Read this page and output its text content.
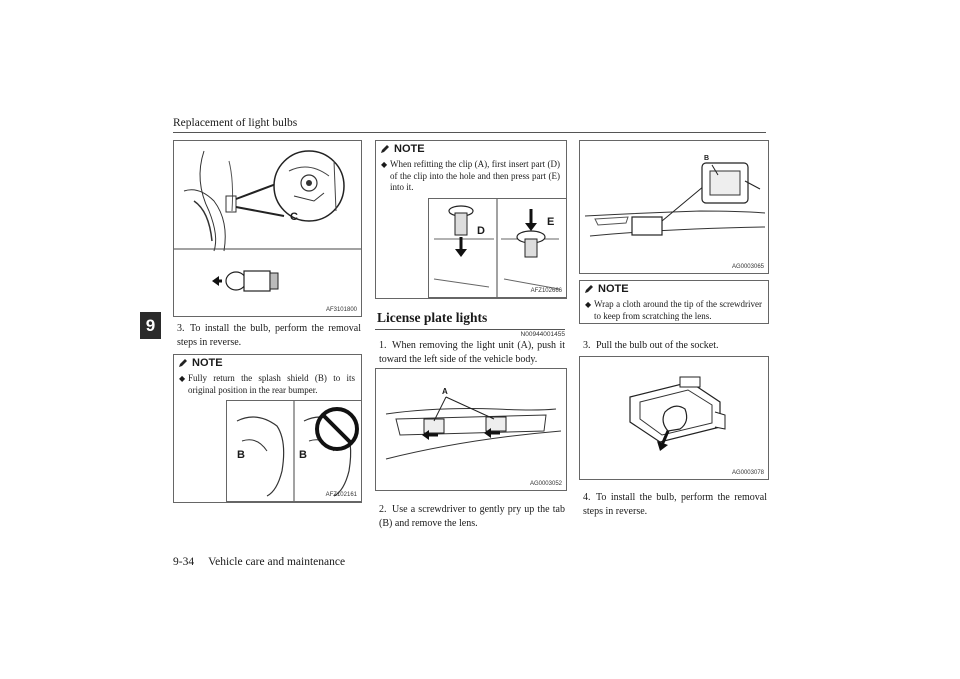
Replacement of light bulbs
9
C
AF3101800
3. To install the bulb, perform the removal steps in reverse.
NOTE
◆ Fully return the splash shield (B) to its original position in the rear bumper.
B	B
AFZ102161
NOTE
◆ When refitting the clip (A), first insert part (D) of the clip into the hole and then press part (E) into it.
D
E
AFZ102666
License plate lights
N00944001455
1. When removing the light unit (A), push it toward the left side of the vehicle body.
A
AG0003052
2. Use a screwdriver to gently pry up the tab (B) and remove the lens.
B
AG0003065
NOTE
◆ Wrap a cloth around the tip of the screwdriver to keep from scratching the lens.
3. Pull the bulb out of the socket.
AG0003078
4. To install the bulb, perform the removal steps in reverse.
9-34 Vehicle care and maintenance
